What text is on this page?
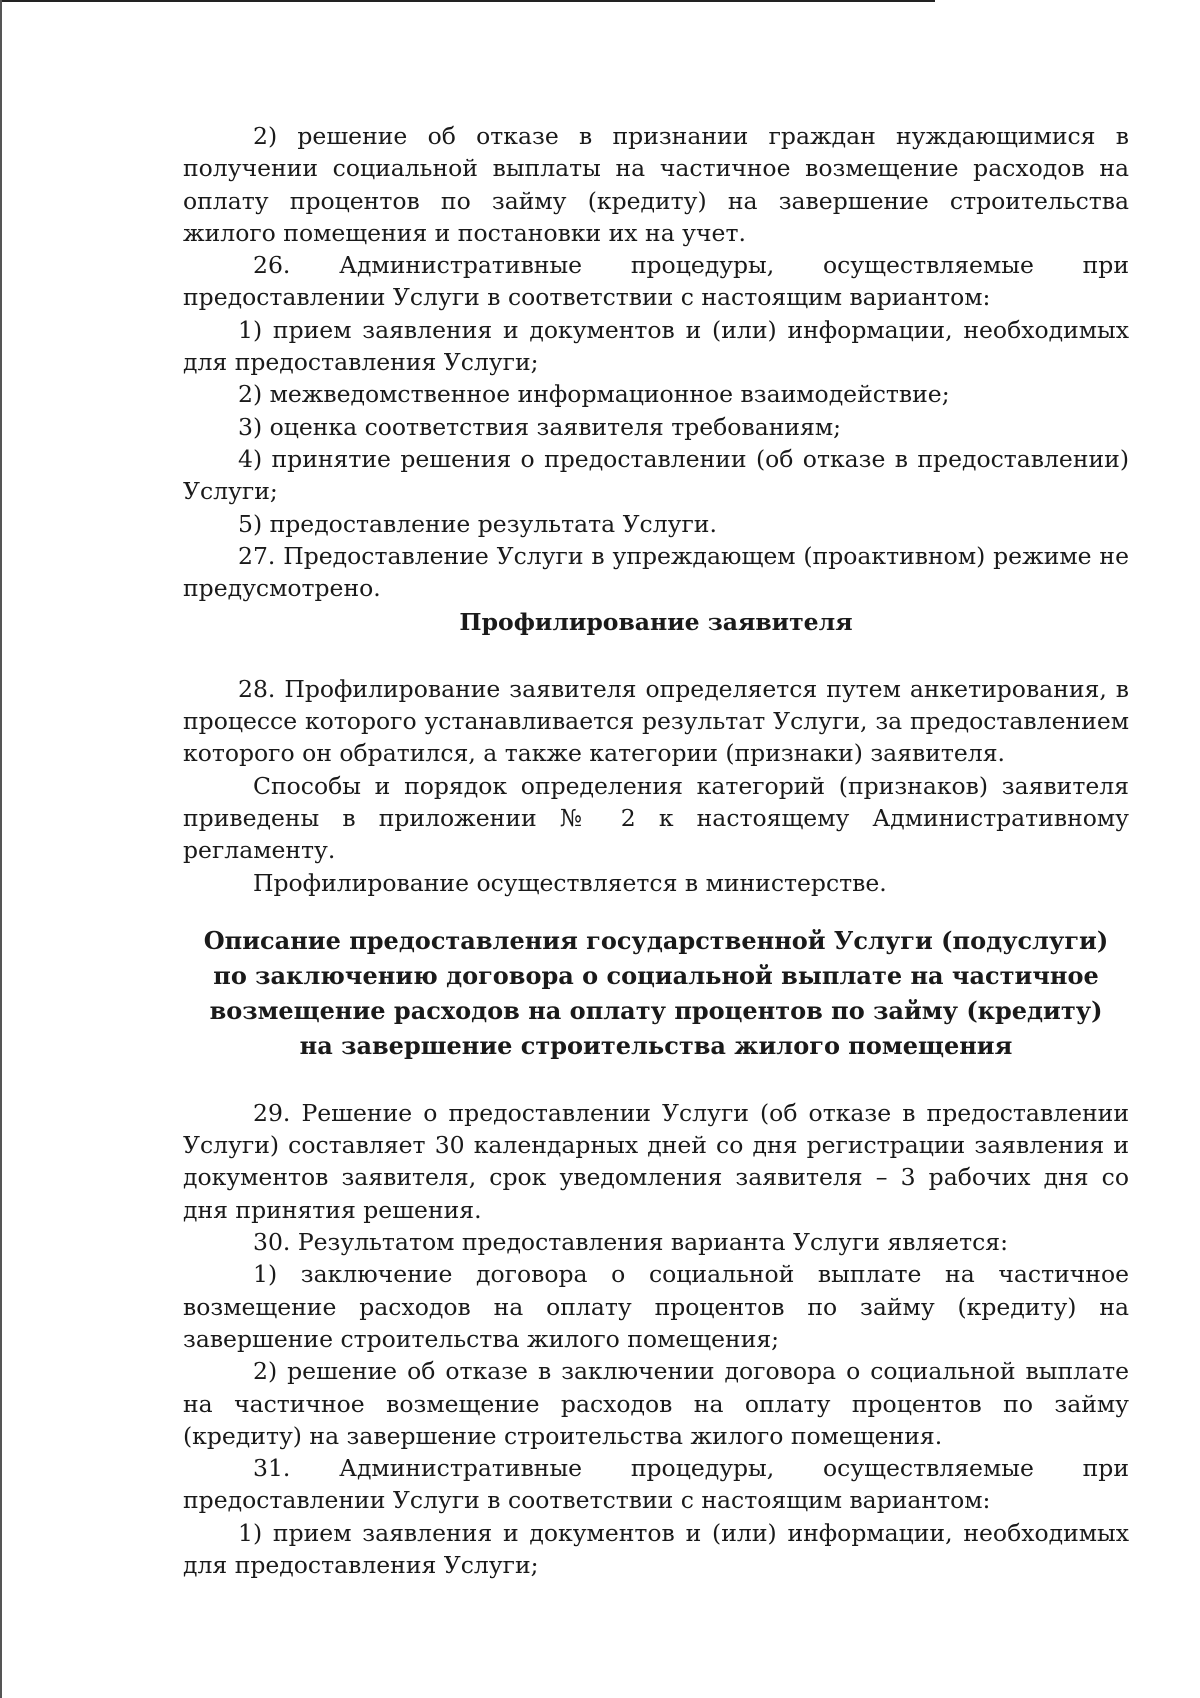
2) решение об отказе в признании граждан нуждающимися в получении социальной выплаты на частичное возмещение расходов на оплату процентов по займу (кредиту) на завершение строительства жилого помещения и постановки их на учет.

26. Административные процедуры, осуществляемые при предоставлении Услуги в соответствии с настоящим вариантом:

1) прием заявления и документов и (или) информации, необходимых для предоставления Услуги;

2) межведомственное информационное взаимодействие;

3) оценка соответствия заявителя требованиям;

4) принятие решения о предоставлении (об отказе в предоставлении) Услуги;

5) предоставление результата Услуги.

27. Предоставление Услуги в упреждающем (проактивном) режиме не предусмотрено.

Профилирование заявителя

28. Профилирование заявителя определяется путем анкетирования, в процессе которого устанавливается результат Услуги, за предоставлением которого он обратился, а также категории (признаки) заявителя.

Способы и порядок определения категорий (признаков) заявителя приведены в приложении № 2 к настоящему Административному регламенту.

Профилирование осуществляется в министерстве.

Описание предоставления государственной Услуги (подуслуги) по заключению договора о социальной выплате на частичное возмещение расходов на оплату процентов по займу (кредиту) на завершение строительства жилого помещения

29. Решение о предоставлении Услуги (об отказе в предоставлении Услуги) составляет 30 календарных дней со дня регистрации заявления и документов заявителя, срок уведомления заявителя – 3 рабочих дня со дня принятия решения.

30. Результатом предоставления варианта Услуги является:

1) заключение договора о социальной выплате на частичное возмещение расходов на оплату процентов по займу (кредиту) на завершение строительства жилого помещения;

2) решение об отказе в заключении договора о социальной выплате на частичное возмещение расходов на оплату процентов по займу (кредиту) на завершение строительства жилого помещения.

31. Административные процедуры, осуществляемые при предоставлении Услуги в соответствии с настоящим вариантом:

1) прием заявления и документов и (или) информации, необходимых для предоставления Услуги;
